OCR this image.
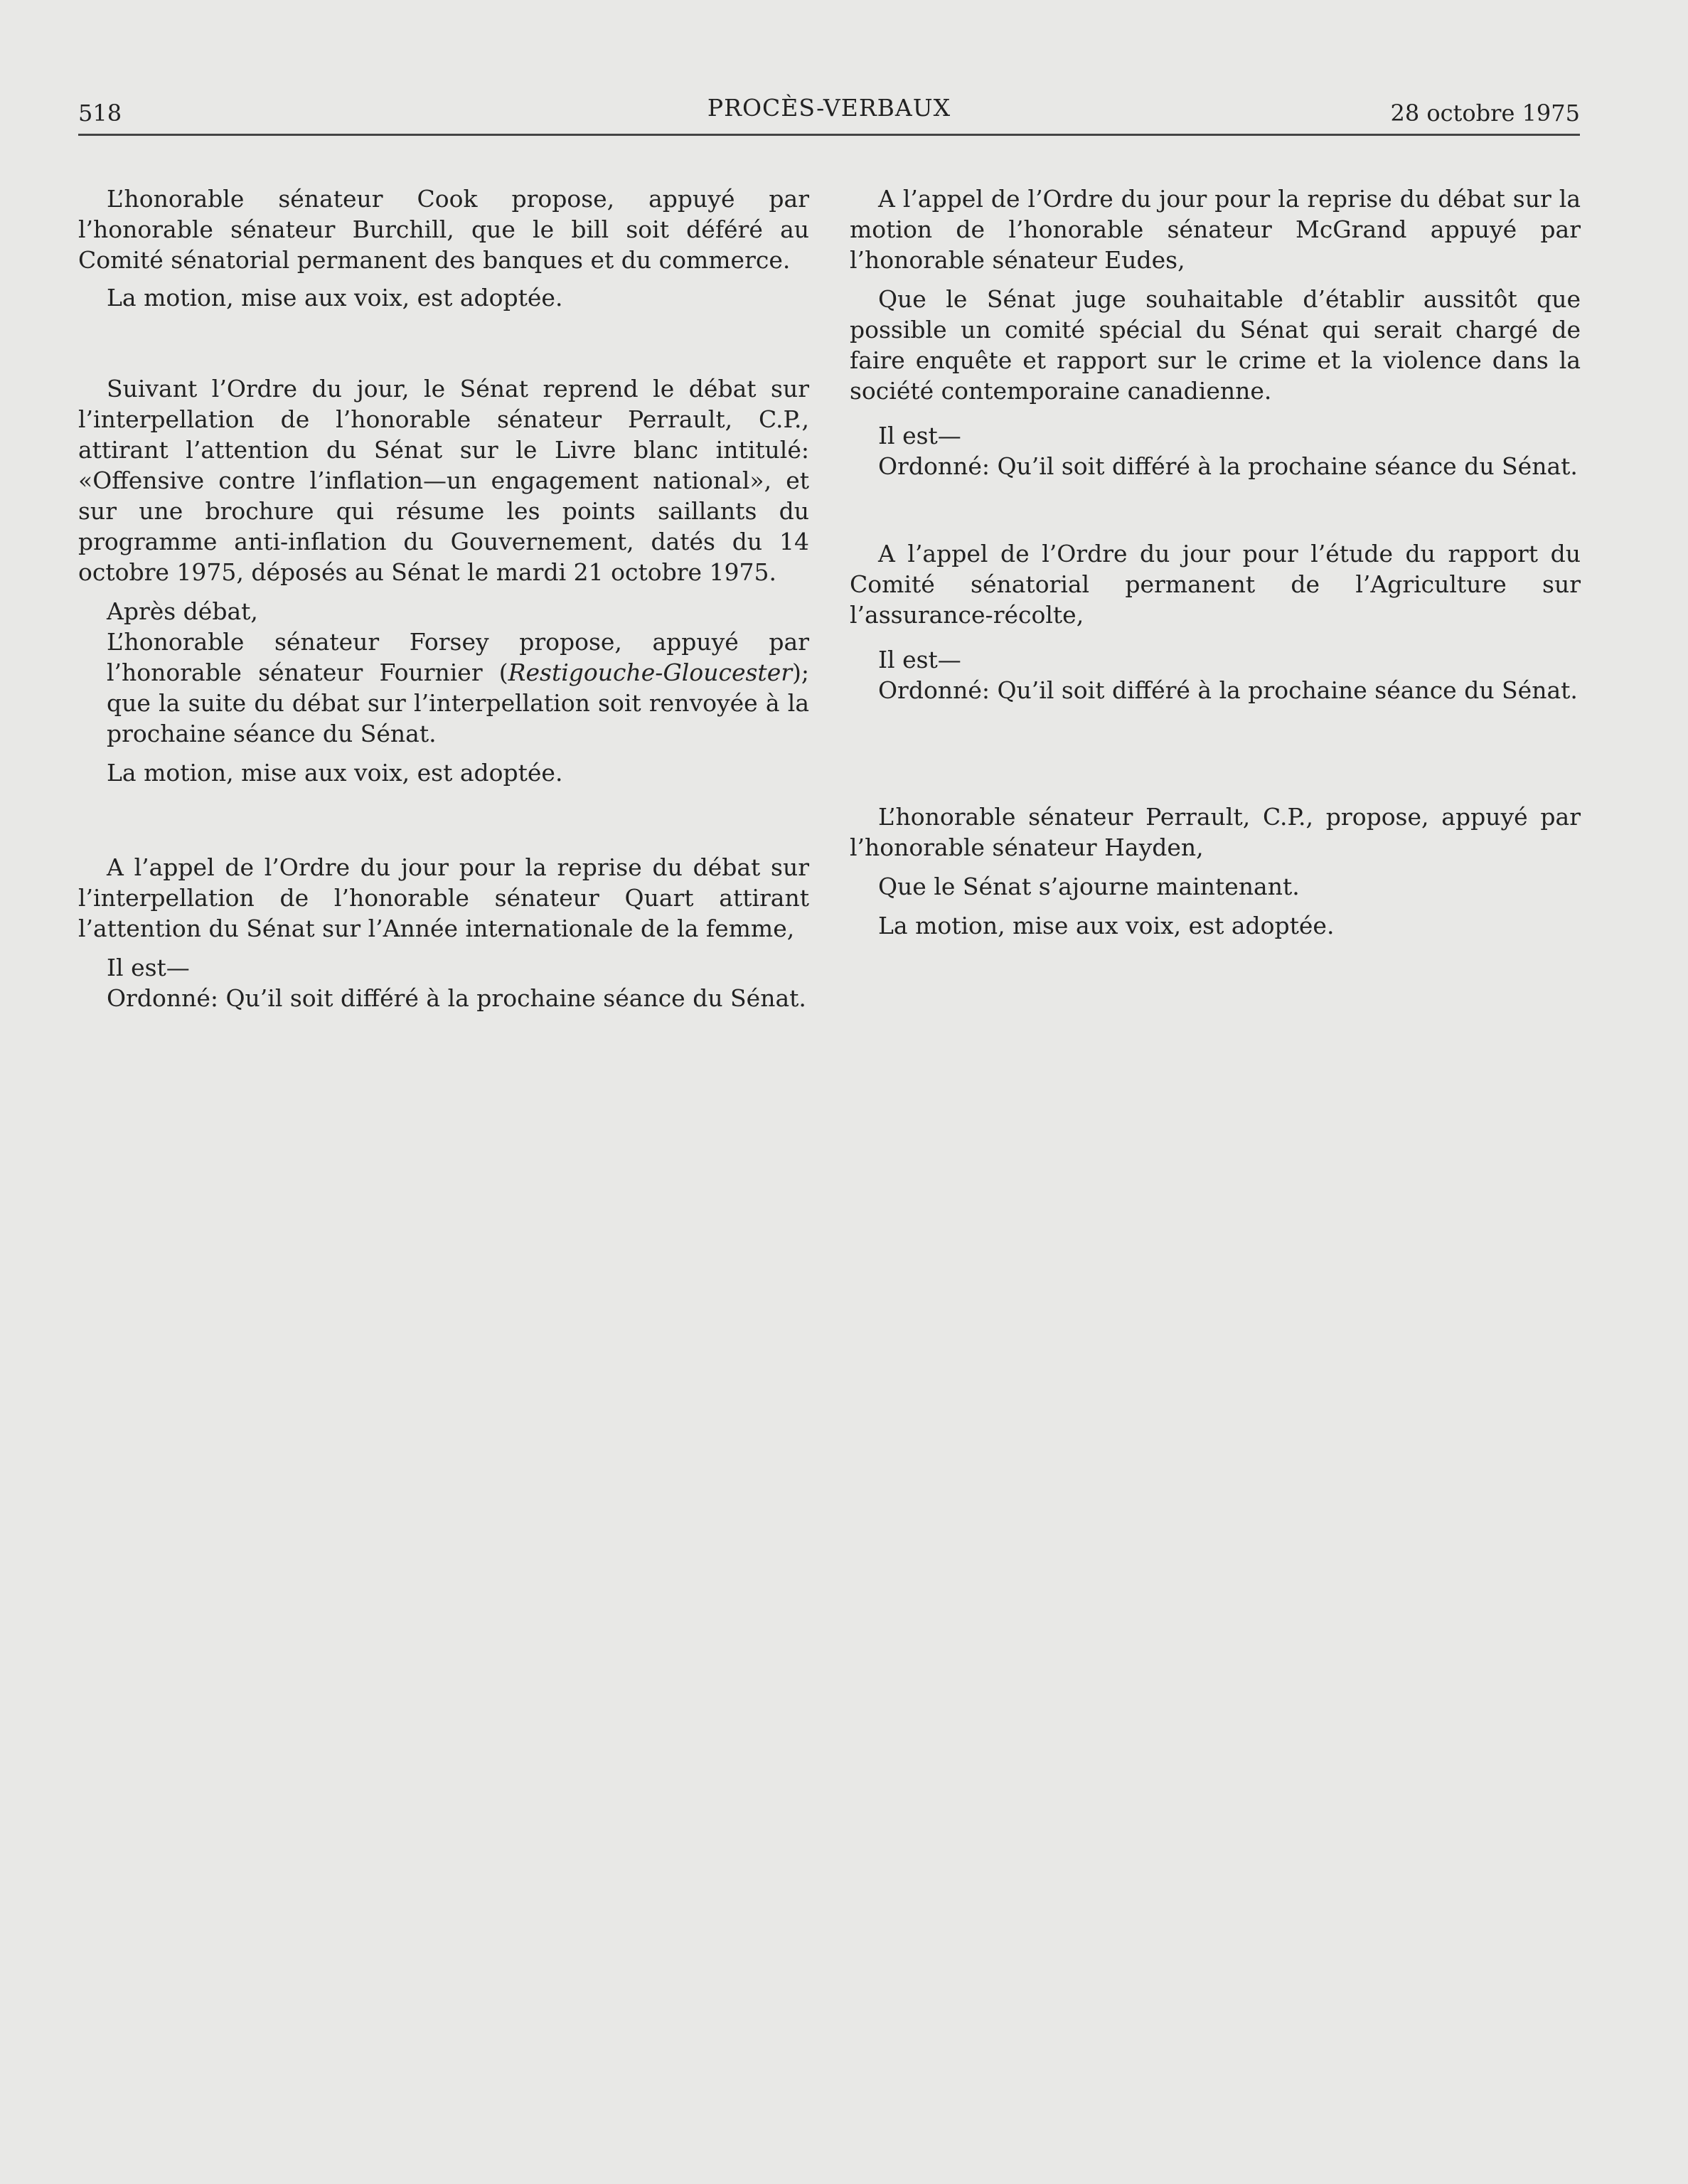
518	PROCÈS-VERBAUX	28 octobre 1975

L’honorable sénateur Cook propose, appuyé par l’honorable sénateur Burchill, que le bill soit déféré au Comité sénatorial permanent des banques et du commerce.

La motion, mise aux voix, est adoptée.

Suivant l’Ordre du jour, le Sénat reprend le débat sur l’interpellation de l’honorable sénateur Perrault, C.P., attirant l’attention du Sénat sur le Livre blanc intitulé: «Offensive contre l’inflation—un engagement national», et sur une brochure qui résume les points saillants du programme anti-inflation du Gouvernement, datés du 14 octobre 1975, déposés au Sénat le mardi 21 octobre 1975.

Après débat,

L’honorable sénateur Forsey propose, appuyé par l’honorable sénateur Fournier (Restigouche-Gloucester); que la suite du débat sur l’interpellation soit renvoyée à la prochaine séance du Sénat.

La motion, mise aux voix, est adoptée.

A l’appel de l’Ordre du jour pour la reprise du débat sur l’interpellation de l’honorable sénateur Quart attirant l’attention du Sénat sur l’Année internationale de la femme,

Il est—

Ordonné: Qu’il soit différé à la prochaine séance du Sénat.

A l’appel de l’Ordre du jour pour la reprise du débat sur la motion de l’honorable sénateur McGrand appuyé par l’honorable sénateur Eudes,

Que le Sénat juge souhaitable d’établir aussitôt que possible un comité spécial du Sénat qui serait chargé de faire enquête et rapport sur le crime et la violence dans la société contemporaine canadienne.

Il est—

Ordonné: Qu’il soit différé à la prochaine séance du Sénat.

A l’appel de l’Ordre du jour pour l’étude du rapport du Comité sénatorial permanent de l’Agriculture sur l’assurance-récolte,

Il est—

Ordonné: Qu’il soit différé à la prochaine séance du Sénat.

L’honorable sénateur Perrault, C.P., propose, appuyé par l’honorable sénateur Hayden,

Que le Sénat s’ajourne maintenant.

La motion, mise aux voix, est adoptée.
